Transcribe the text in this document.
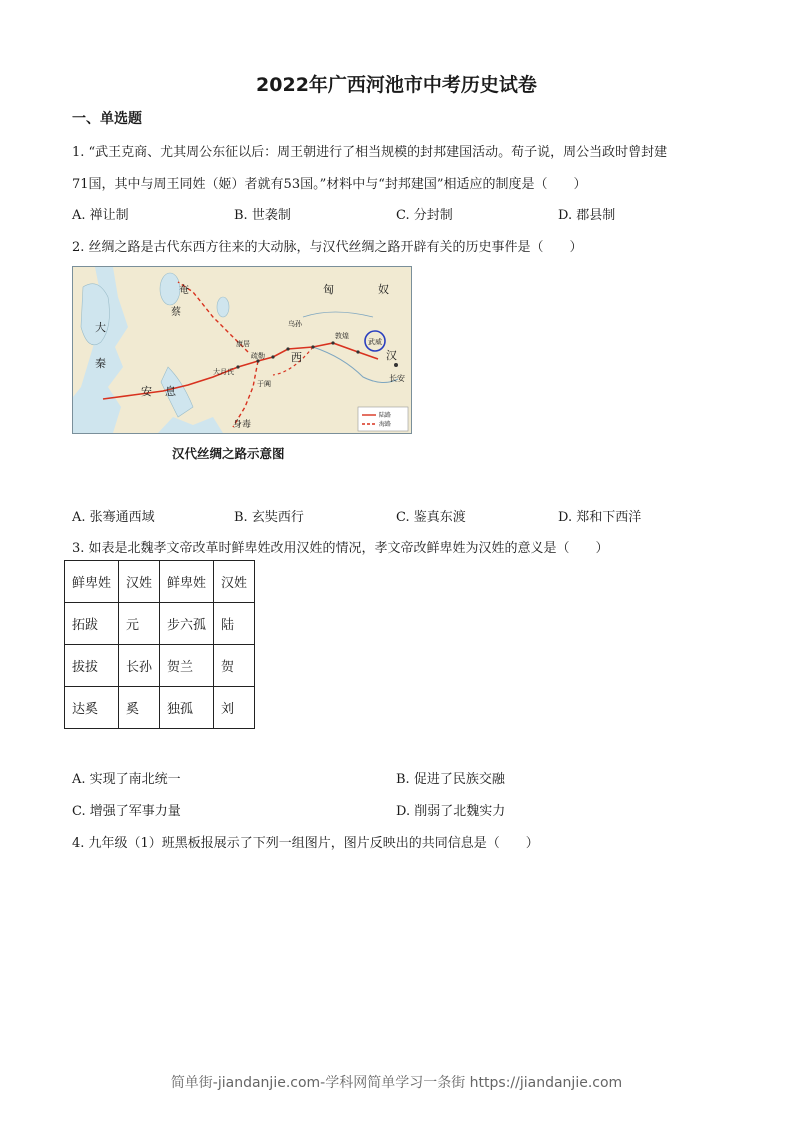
2022年广西河池市中考历史试卷
一、单选题
1. “武王克商、尤其周公东征以后：周王朝进行了相当规模的封邦建国活动。荀子说，周公当政时曾封建
71国，其中与周王同姓（姬）者就有53国。”材料中与“封邦建国”相适应的制度是（　　）
A. 禅让制	B. 世袭制	C. 分封制	D. 郡县制
2. 丝绸之路是古代东西方往来的大动脉，与汉代丝绸之路开辟有关的历史事件是（　　）
匈	奴
大
秦
安 息
西	汉
长安
大月氏
身毒
于阗
敦煌
武威
疏勒
康居
乌孙
蔡
奄
陆路
海路
汉代丝绸之路示意图
A. 张骞通西域	B. 玄奘西行	C. 鉴真东渡	D. 郑和下西洋
3. 如表是北魏孝文帝改革时鲜卑姓改用汉姓的情况，孝文帝改鲜卑姓为汉姓的意义是（　　）
鲜卑姓	汉姓	鲜卑姓	汉姓
拓跋	元	步六孤	陆
拔拔	长孙	贺兰	贺
达奚	奚	独孤	刘
A. 实现了南北统一	B. 促进了民族交融
C. 增强了军事力量	D. 削弱了北魏实力
4. 九年级（1）班黑板报展示了下列一组图片，图片反映出的共同信息是（　　）
简单街-jiandanjie.com-学科网简单学习一条街 https://jiandanjie.com
